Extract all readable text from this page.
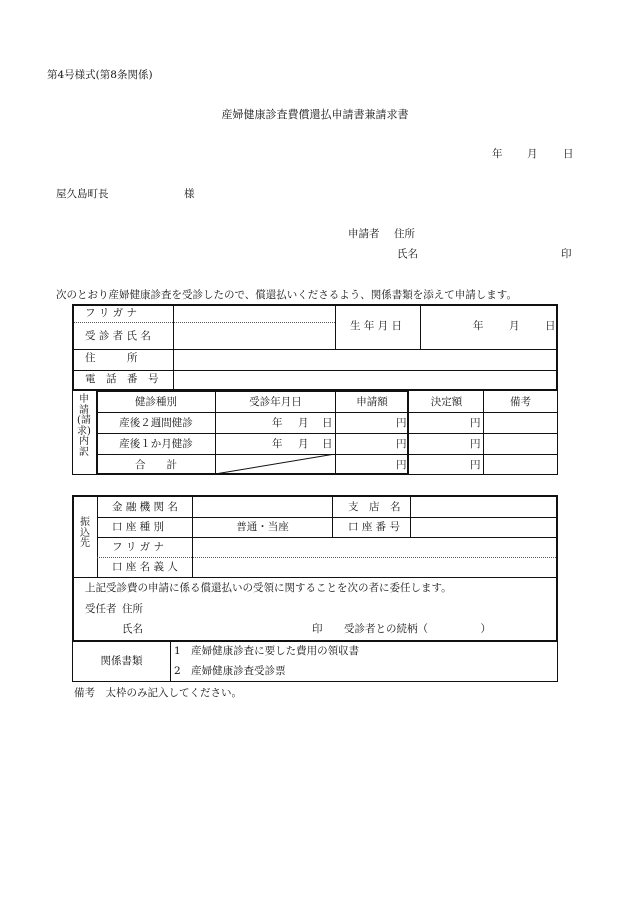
第4号様式(第8条関係)
産婦健康診査費償還払申請書兼請求書
年 月 日
屋久島町長	様
申請者 住所
氏名	印
次のとおり産婦健康診査を受診したので、償還払いくださるよう、関係書類を添えて申請します。
フ リ ガ ナ
受 診 者 氏 名
生 年 月 日	年 月 日
住　　　所
電　話　番　号
申請(請求)内訳
健診種別	受診年月日	申請額	決定額	備考
産後２週間健診	年 月 日	円	円
産後１か月健診	年 月 日	円	円
合　　計	円	円
振込先
金 融 機 関 名	支　店　名
口 座 種 別	普通・当座	口 座 番 号
フ リ ガ ナ
口 座 名 義 人
上記受診費の申請に係る償還払いの受領に関することを次の者に委任します。
受任者 住所
氏名	印 受診者との続柄（　　　　　）
関係書類
1　産婦健康診査に要した費用の領収書
2　産婦健康診査受診票
備考　太枠のみ記入してください。
